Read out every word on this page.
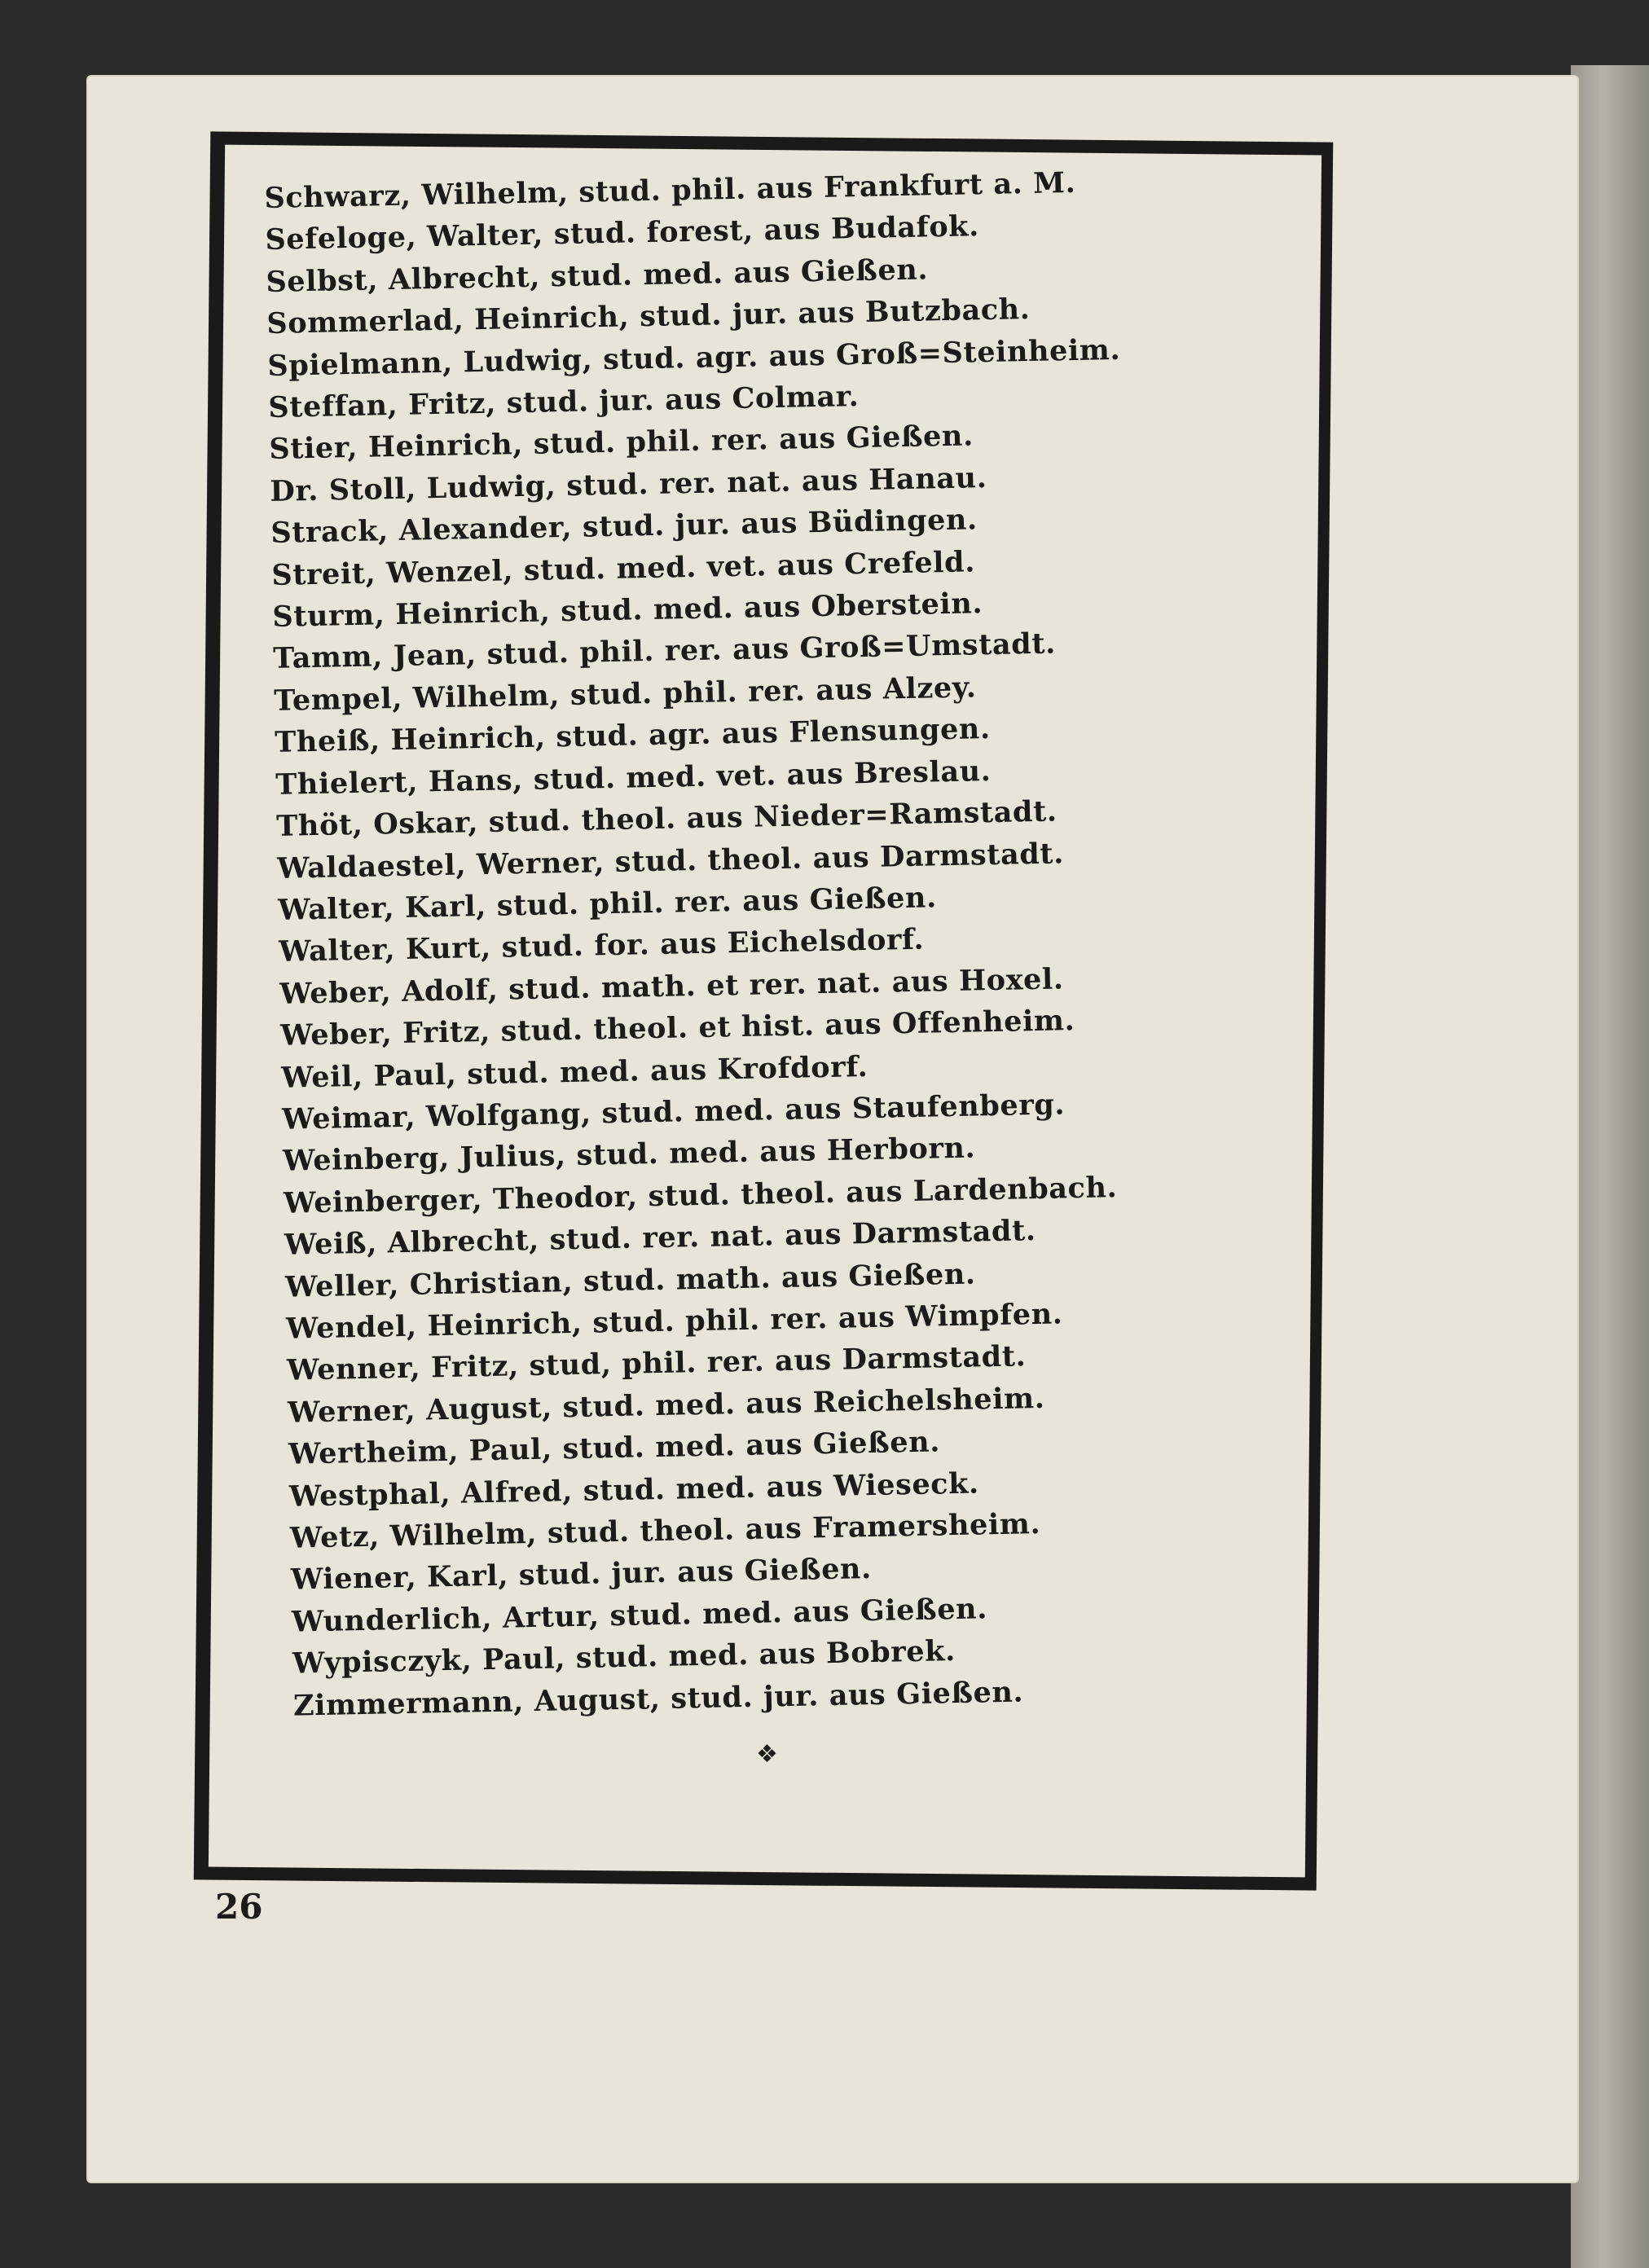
Schwarz, Wilhelm, stud. phil. aus Frankfurt a. M.
Sefeloge, Walter, stud. forest, aus Budafok.
Selbst, Albrecht, stud. med. aus Gießen.
Sommerlad, Heinrich, stud. jur. aus Butzbach.
Spielmann, Ludwig, stud. agr. aus Groß=Steinheim.
Steffan, Fritz, stud. jur. aus Colmar.
Stier, Heinrich, stud. phil. rer. aus Gießen.
Dr. Stoll, Ludwig, stud. rer. nat. aus Hanau.
Strack, Alexander, stud. jur. aus Büdingen.
Streit, Wenzel, stud. med. vet. aus Crefeld.
Sturm, Heinrich, stud. med. aus Oberstein.
Tamm, Jean, stud. phil. rer. aus Groß=Umstadt.
Tempel, Wilhelm, stud. phil. rer. aus Alzey.
Theiß, Heinrich, stud. agr. aus Flensungen.
Thielert, Hans, stud. med. vet. aus Breslau.
Thöt, Oskar, stud. theol. aus Nieder=Ramstadt.
Waldaestel, Werner, stud. theol. aus Darmstadt.
Walter, Karl, stud. phil. rer. aus Gießen.
Walter, Kurt, stud. for. aus Eichelsdorf.
Weber, Adolf, stud. math. et rer. nat. aus Hoxel.
Weber, Fritz, stud. theol. et hist. aus Offenheim.
Weil, Paul, stud. med. aus Krofdorf.
Weimar, Wolfgang, stud. med. aus Staufenberg.
Weinberg, Julius, stud. med. aus Herborn.
Weinberger, Theodor, stud. theol. aus Lardenbach.
Weiß, Albrecht, stud. rer. nat. aus Darmstadt.
Weller, Christian, stud. math. aus Gießen.
Wendel, Heinrich, stud. phil. rer. aus Wimpfen.
Wenner, Fritz, stud, phil. rer. aus Darmstadt.
Werner, August, stud. med. aus Reichelsheim.
Wertheim, Paul, stud. med. aus Gießen.
Westphal, Alfred, stud. med. aus Wieseck.
Wetz, Wilhelm, stud. theol. aus Framersheim.
Wiener, Karl, stud. jur. aus Gießen.
Wunderlich, Artur, stud. med. aus Gießen.
Wypisczyk, Paul, stud. med. aus Bobrek.
Zimmermann, August, stud. jur. aus Gießen.
❖
26
